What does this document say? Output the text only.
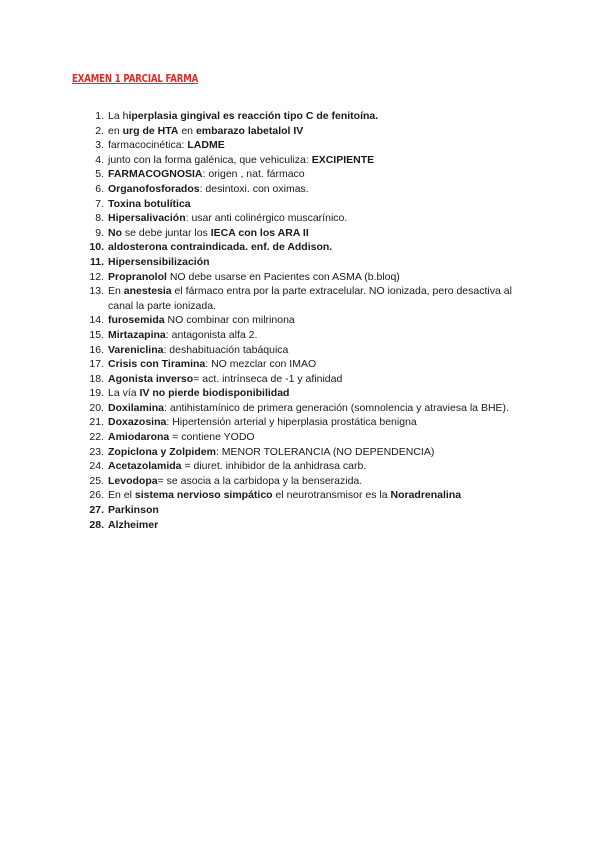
EXAMEN 1 PARCIAL FARMA
1. La hiperplasia gingival es reacción tipo C de fenitoína.
2. en urg de HTA en embarazo labetalol IV
3. farmacocinética: LADME
4. junto con la forma galénica, que vehiculiza: EXCIPIENTE
5. FARMACOGNOSIA: origen , nat. fármaco
6. Organofosforados: desintoxi. con oximas.
7. Toxina botulítica
8. Hipersalivación: usar anti colinérgico muscarínico.
9. No se debe juntar los IECA con los ARA II
10. aldosterona contraindicada. enf. de Addison.
11. Hipersensibilización
12. Propranolol NO debe usarse en Pacientes con ASMA (b.bloq)
13. En anestesia el fármaco entra por la parte extracelular. NO ionizada, pero desactiva al canal la parte ionizada.
14. furosemida NO combinar con milrinona
15. Mirtazapina: antagonista alfa 2.
16. Vareniclina: deshabituación tabáquica
17. Crisis con Tiramina: NO mezclar con IMAO
18. Agonista inverso= act. intrínseca de -1 y afinidad
19. La vía IV no pierde biodisponibilidad
20. Doxilamina: antihistamínico de primera generación (somnolencia y atraviesa la BHE).
21. Doxazosina: Hipertensión arterial y hiperplasia prostática benigna
22. Amiodarona = contiene YODO
23. Zopiclona y Zolpidem: MENOR TOLERANCIA (NO DEPENDENCIA)
24. Acetazolamida = diuret. inhibidor de la anhidrasa carb.
25. Levodopa= se asocia a la carbidopa y la benserazida.
26. En el sistema nervioso simpático el neurotransmisor es la Noradrenalina
27. Parkinson
28. Alzheimer
